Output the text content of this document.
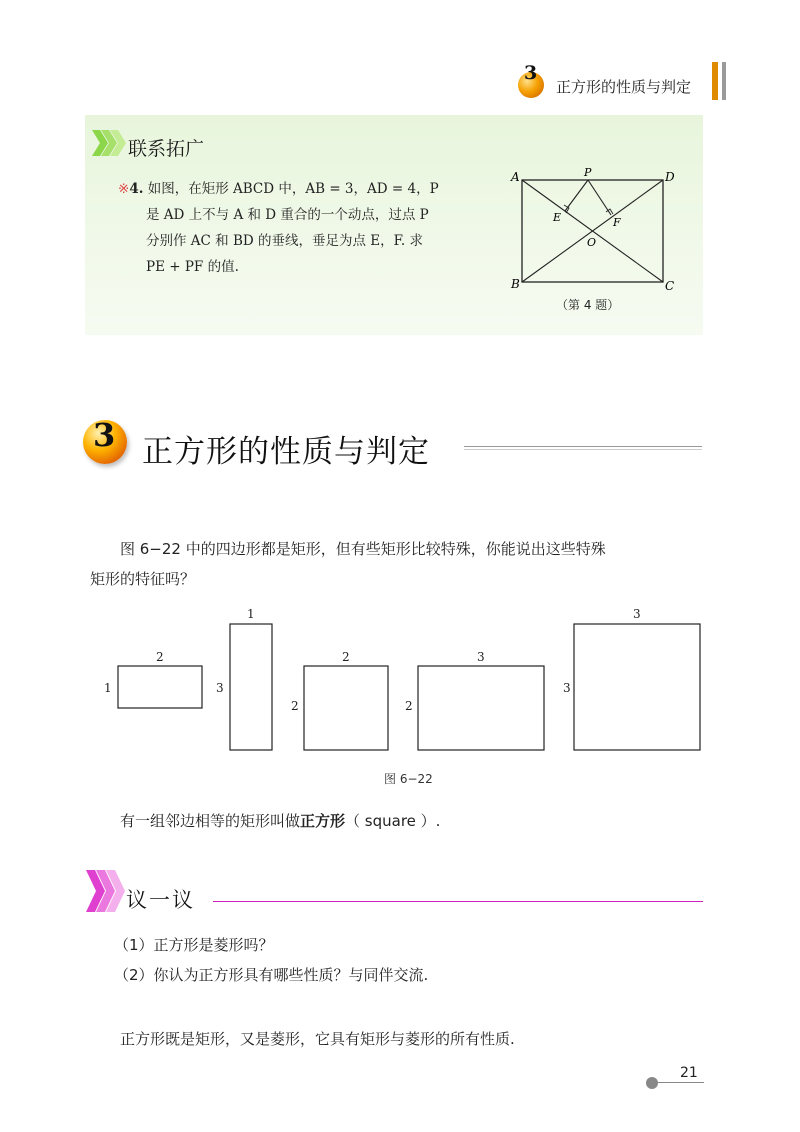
3
正方形的性质与判定
联系拓广
※4. 如图，在矩形 ABCD 中，AB = 3，AD = 4，P
是 AD 上不与 A 和 D 重合的一个动点，过点 P
分别作 AC 和 BD 的垂线，垂足为点 E，F. 求
PE + PF 的值.
A	D
B	C
P
E	F
O
（第 4 题）
3 正方形的性质与判定
图 6−22 中的四边形都是矩形，但有些矩形比较特殊，你能说出这些特殊
矩形的特征吗？
2
1
1
3
2
2
3
2
3
3
图 6−22
有一组邻边相等的矩形叫做正方形（ square ）.
议一议
（1）正方形是菱形吗？
（2）你认为正方形具有哪些性质？与同伴交流.
正方形既是矩形，又是菱形，它具有矩形与菱形的所有性质.
21
